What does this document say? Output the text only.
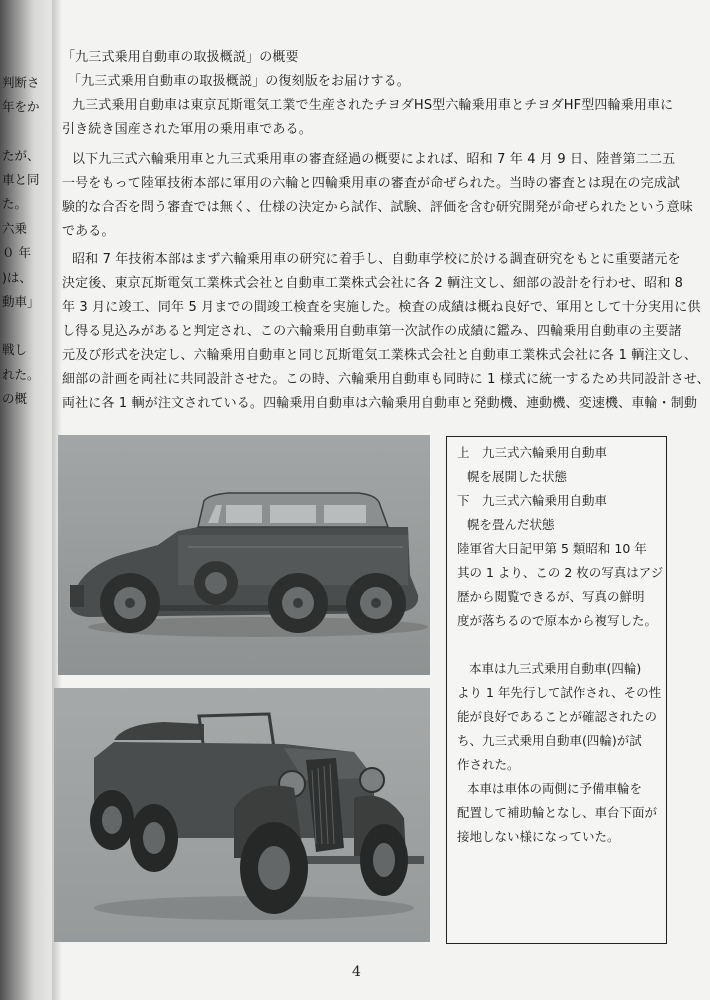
判断さ
年をか
たが、
車と同
た。
六乗
０ 年
)は、
動車」
戦し
れた。
の概
「九三式乗用自動車の取扱概説」の概要
「九三式乗用自動車の取扱概説」の復刻版をお届けする。
九三式乗用自動車は東京瓦斯電気工業で生産されたチヨダHS型六輪乗用車とチヨダHF型四輪乗用車に
引き続き国産された軍用の乗用車である。
以下九三式六輪乗用車と九三式乗用車の審査経過の概要によれば、昭和 7 年 4 月 9 日、陸普第二二五
一号をもって陸軍技術本部に軍用の六輪と四輪乗用車の審査が命ぜられた。当時の審査とは現在の完成試
験的な合否を問う審査では無く、仕様の決定から試作、試験、評価を含む研究開発が命ぜられたという意味
である。
昭和 7 年技術本部はまず六輪乗用車の研究に着手し、自動車学校に於ける調査研究をもとに重要諸元を
決定後、東京瓦斯電気工業株式会社と自動車工業株式会社に各 2 輌注文し、細部の設計を行わせ、昭和 8
年 3 月に竣工、同年 5 月までの間竣工検査を実施した。検査の成績は概ね良好で、軍用として十分実用に供
し得る見込みがあると判定され、この六輪乗用自動車第一次試作の成績に鑑み、四輪乗用自動車の主要諸
元及び形式を決定し、六輪乗用自動車と同じ瓦斯電気工業株式会社と自動車工業株式会社に各 1 輌注文し、
細部の計画を両社に共同設計させた。この時、六輪乗用自動車も同時に 1 様式に統一するため共同設計させ、
両社に各 1 輌が注文されている。四輪乗用自動車は六輪乗用自動車と発動機、連動機、変速機、車輪・制動
上　九三式六輪乗用自動車
幌を展開した状態
下　九三式六輪乗用自動車
幌を畳んだ状態
陸軍省大日記甲第 5 類昭和 10 年
其の 1 より、この 2 枚の写真はアジ
歴から閲覧できるが、写真の鮮明
度が落ちるので原本から複写した。
本車は九三式乗用自動車(四輪)
より 1 年先行して試作され、その性
能が良好であることが確認されたの
ち、九三式乗用自動車(四輪)が試
作された。
本車は車体の両側に予備車輪を
配置して補助輪となし、車台下面が
接地しない様になっていた。
4
